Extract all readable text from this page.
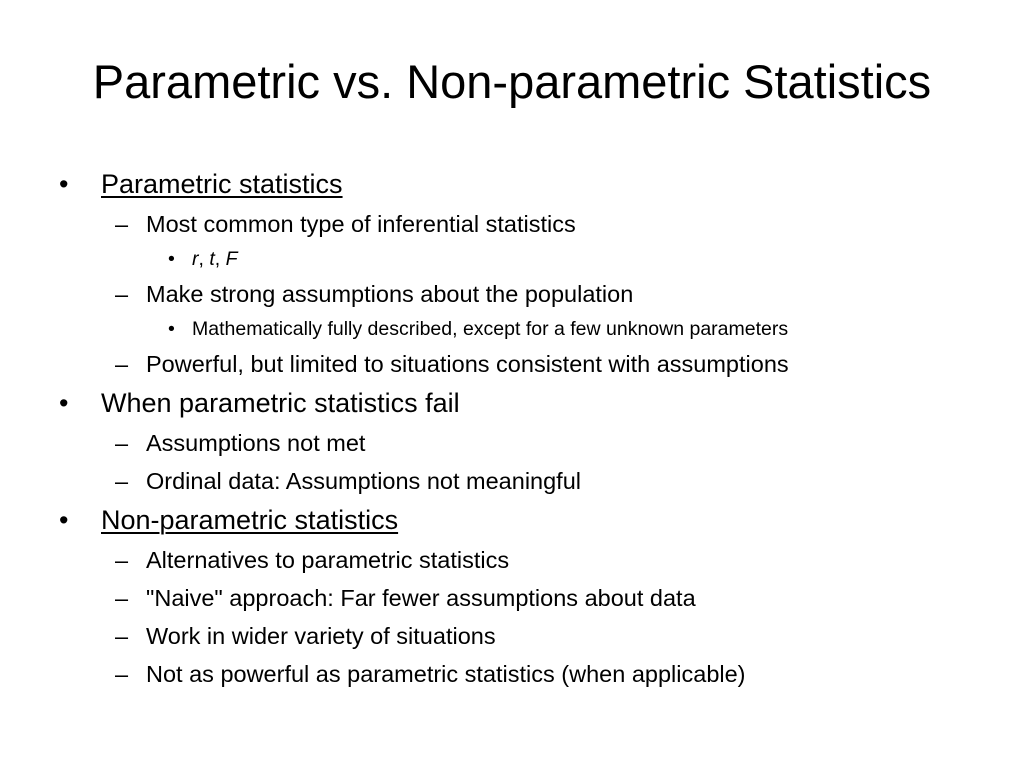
Parametric vs. Non-parametric Statistics
• Parametric statistics
– Most common type of inferential statistics
• r, t, F
– Make strong assumptions about the population
• Mathematically fully described, except for a few unknown parameters
– Powerful, but limited to situations consistent with assumptions
• When parametric statistics fail
– Assumptions not met
– Ordinal data: Assumptions not meaningful
• Non-parametric statistics
– Alternatives to parametric statistics
– "Naive" approach: Far fewer assumptions about data
– Work in wider variety of situations
– Not as powerful as parametric statistics (when applicable)
